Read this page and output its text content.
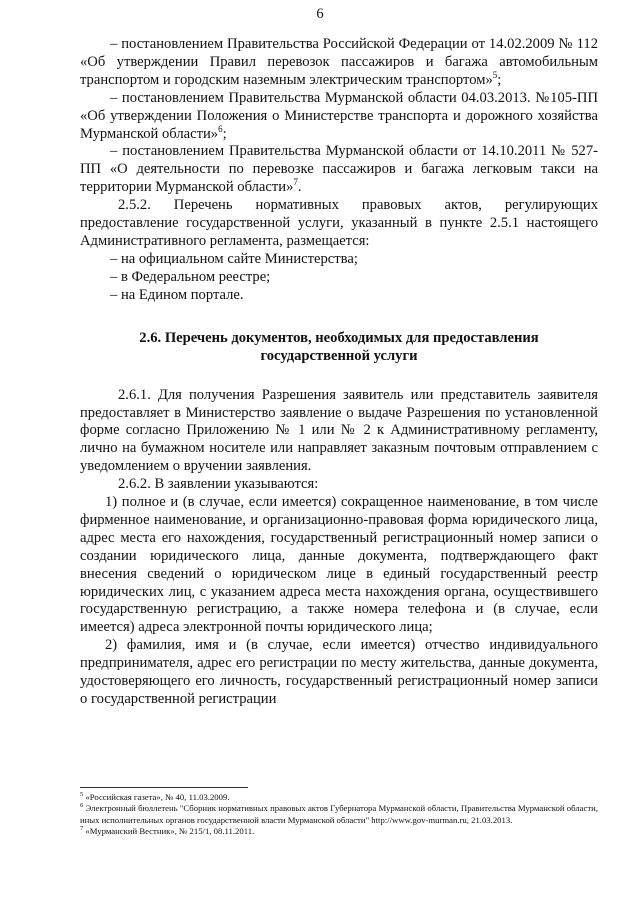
6

– постановлением Правительства Российской Федерации от 14.02.2009 № 112 «Об утверждении Правил перевозок пассажиров и багажа автомобильным транспортом и городским наземным электрическим транспортом»$^5$;

– постановлением Правительства Мурманской области 04.03.2013. №105-ПП «Об утверждении Положения о Министерстве транспорта и дорожного хозяйства Мурманской области»$^6$;

– постановлением Правительства Мурманской области от 14.10.2011 № 527-ПП «О деятельности по перевозке пассажиров и багажа легковым такси на территории Мурманской области»$^7$.

2.5.2. Перечень нормативных правовых актов, регулирующих предоставление государственной услуги, указанный в пункте 2.5.1 настоящего Административного регламента, размещается:

– на официальном сайте Министерства;

– в Федеральном реестре;

– на Едином портале.

2.6. Перечень документов, необходимых для предоставления государственной услуги

2.6.1. Для получения Разрешения заявитель или представитель заявителя предоставляет в Министерство заявление о выдаче Разрешения по установленной форме согласно Приложению № 1 или № 2 к Административному регламенту, лично на бумажном носителе или направляет заказным почтовым отправлением с уведомлением о вручении заявления.

2.6.2. В заявлении указываются:

1) полное и (в случае, если имеется) сокращенное наименование, в том числе фирменное наименование, и организационно-правовая форма юридического лица, адрес места его нахождения, государственный регистрационный номер записи о создании юридического лица, данные документа, подтверждающего факт внесения сведений о юридическом лице в единый государственный реестр юридических лиц, с указанием адреса места нахождения органа, осуществившего государственную регистрацию, а также номера телефона и (в случае, если имеется) адреса электронной почты юридического лица;

2) фамилия, имя и (в случае, если имеется) отчество индивидуального предпринимателя, адрес его регистрации по месту жительства, данные документа, удостоверяющего его личность, государственный регистрационный номер записи о государственной регистрации

$^5$ «Российская газета», № 40, 11.03.2009.

$^6$ Электронный бюллетень "Сборник нормативных правовых актов Губернатора Мурманской области, Правительства Мурманской области, иных исполнительных органов государственной власти Мурманской области" http://www.gov-murman.ru, 21.03.2013.

$^7$ «Мурманский Вестник», № 215/1, 08.11.2011.
